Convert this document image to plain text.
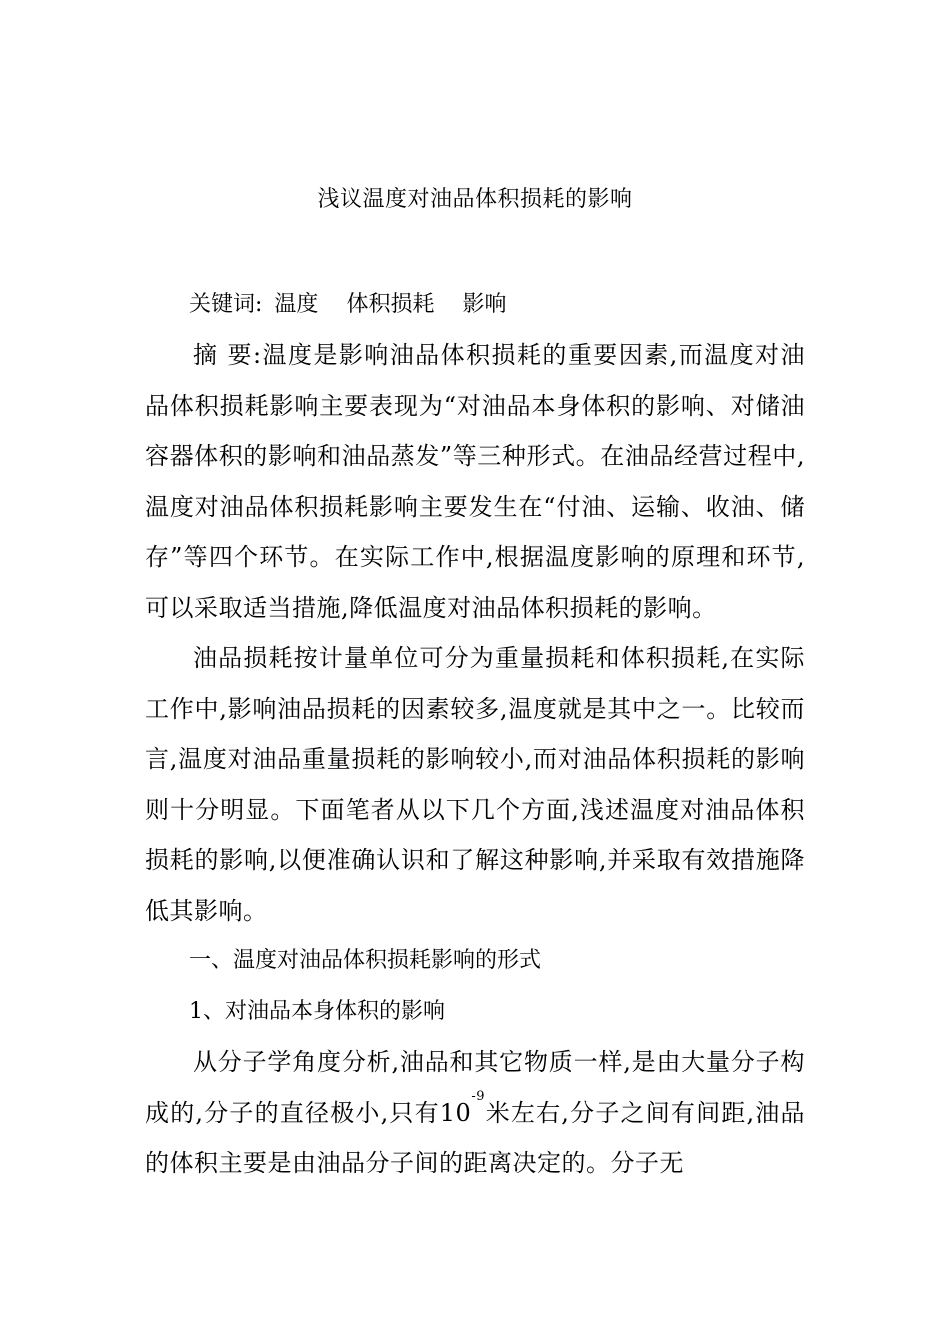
浅议温度对油品体积损耗的影响

关键词: 温度 体积损耗 影响

摘 要:温度是影响油品体积损耗的重要因素,而温度对油品体积损耗影响主要表现为“对油品本身体积的影响、对储油容器体积的影响和油品蒸发”等三种形式。在油品经营过程中,温度对油品体积损耗影响主要发生在“付油、运输、收油、储存”等四个环节。在实际工作中,根据温度影响的原理和环节,可以采取适当措施,降低温度对油品体积损耗的影响。

油品损耗按计量单位可分为重量损耗和体积损耗,在实际工作中,影响油品损耗的因素较多,温度就是其中之一。比较而言,温度对油品重量损耗的影响较小,而对油品体积损耗的影响则十分明显。下面笔者从以下几个方面,浅述温度对油品体积损耗的影响,以便准确认识和了解这种影响,并采取有效措施降低其影响。

一、温度对油品体积损耗影响的形式

1、对油品本身体积的影响

从分子学角度分析,油品和其它物质一样,是由大量分子构成的,分子的直径极小,只有$10^{-9}$米左右,分子之间有间距,油品的体积主要是由油品分子间的距离决定的。分子无
